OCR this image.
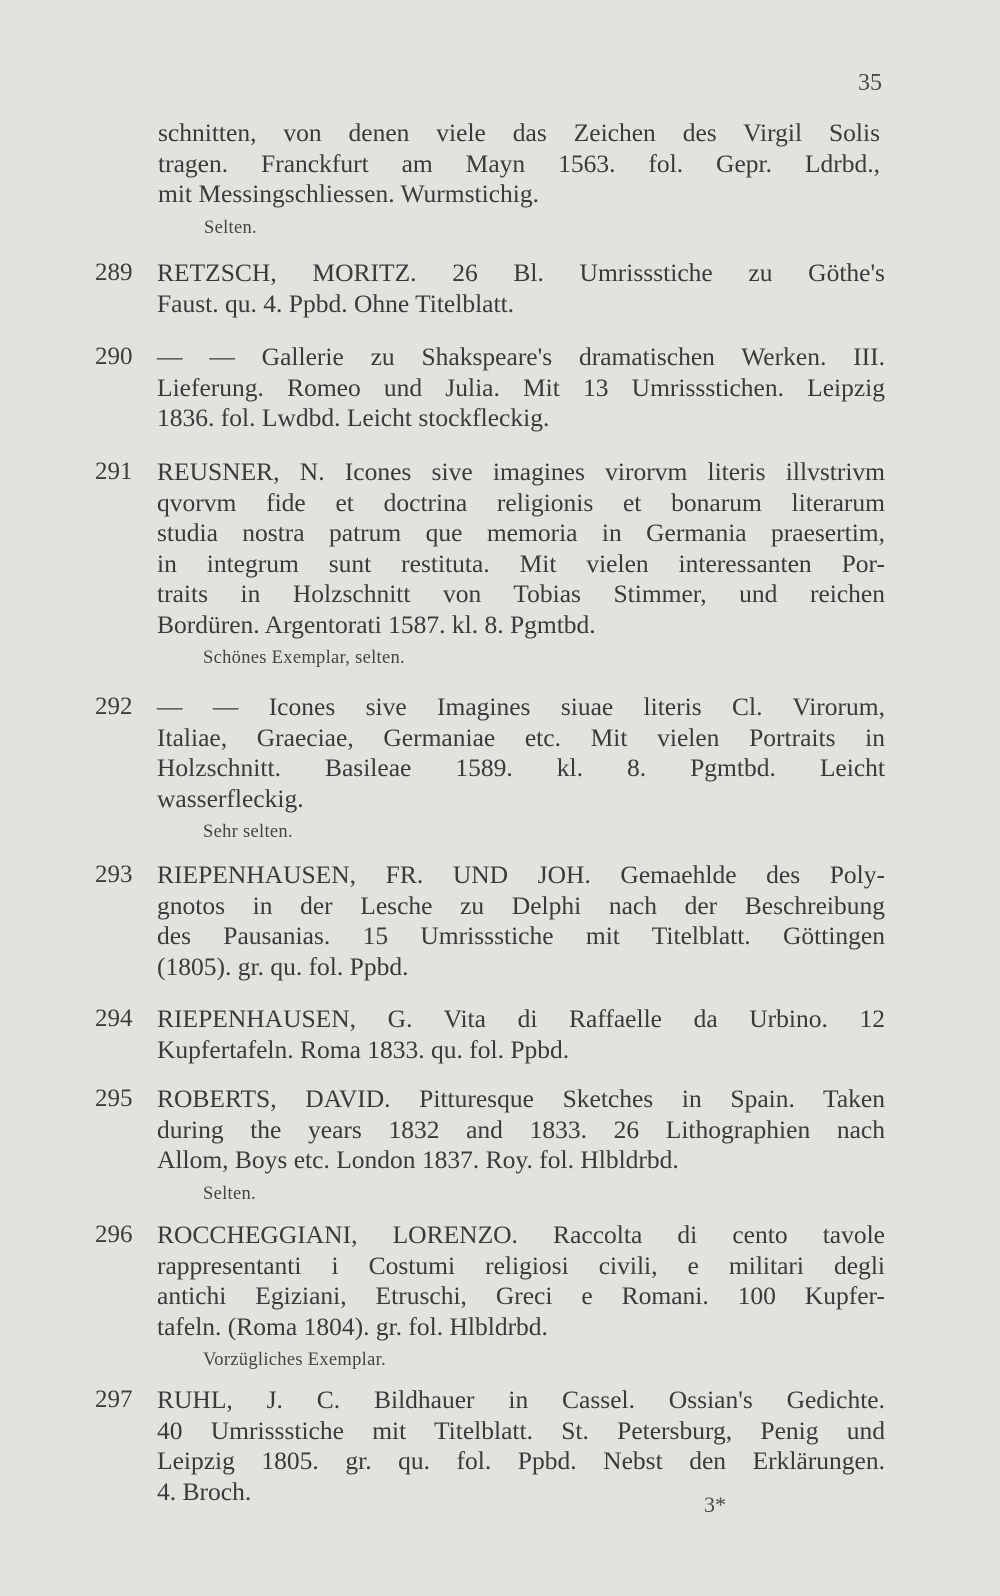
35
schnitten, von denen viele das Zeichen des Virgil Solis
tragen. Franckfurt am Mayn 1563. fol. Gepr. Ldrbd.,
mit Messingschliessen. Wurmstichig.
Selten.
289 RETZSCH, MORITZ. 26 Bl. Umrissstiche zu Göthe's
Faust. qu. 4. Ppbd. Ohne Titelblatt.
290 — — Gallerie zu Shakspeare's dramatischen Werken. III.
Lieferung. Romeo und Julia. Mit 13 Umrissstichen. Leipzig
1836. fol. Lwdbd. Leicht stockfleckig.
291 REUSNER, N. Icones sive imagines virorvm literis illvstrivm
qvorvm fide et doctrina religionis et bonarum literarum
studia nostra patrum que memoria in Germania praesertim,
in integrum sunt restituta. Mit vielen interessanten Por-
traits in Holzschnitt von Tobias Stimmer, und reichen
Bordüren. Argentorati 1587. kl. 8. Pgmtbd.
Schönes Exemplar, selten.
292 — — Icones sive Imagines siuae literis Cl. Virorum,
Italiae, Graeciae, Germaniae etc. Mit vielen Portraits in
Holzschnitt. Basileae 1589. kl. 8. Pgmtbd. Leicht
wasserfleckig.
Sehr selten.
293 RIEPENHAUSEN, FR. UND JOH. Gemaehlde des Poly-
gnotos in der Lesche zu Delphi nach der Beschreibung
des Pausanias. 15 Umrissstiche mit Titelblatt. Göttingen
(1805). gr. qu. fol. Ppbd.
294 RIEPENHAUSEN, G. Vita di Raffaelle da Urbino. 12
Kupfertafeln. Roma 1833. qu. fol. Ppbd.
295 ROBERTS, DAVID. Pitturesque Sketches in Spain. Taken
during the years 1832 and 1833. 26 Lithographien nach
Allom, Boys etc. London 1837. Roy. fol. Hlbldrbd.
Selten.
296 ROCCHEGGIANI, LORENZO. Raccolta di cento tavole
rappresentanti i Costumi religiosi civili, e militari degli
antichi Egiziani, Etruschi, Greci e Romani. 100 Kupfer-
tafeln. (Roma 1804). gr. fol. Hlbldrbd.
Vorzügliches Exemplar.
297 RUHL, J. C. Bildhauer in Cassel. Ossian's Gedichte.
40 Umrissstiche mit Titelblatt. St. Petersburg, Penig und
Leipzig 1805. gr. qu. fol. Ppbd. Nebst den Erklärungen.
4. Broch.	3*
